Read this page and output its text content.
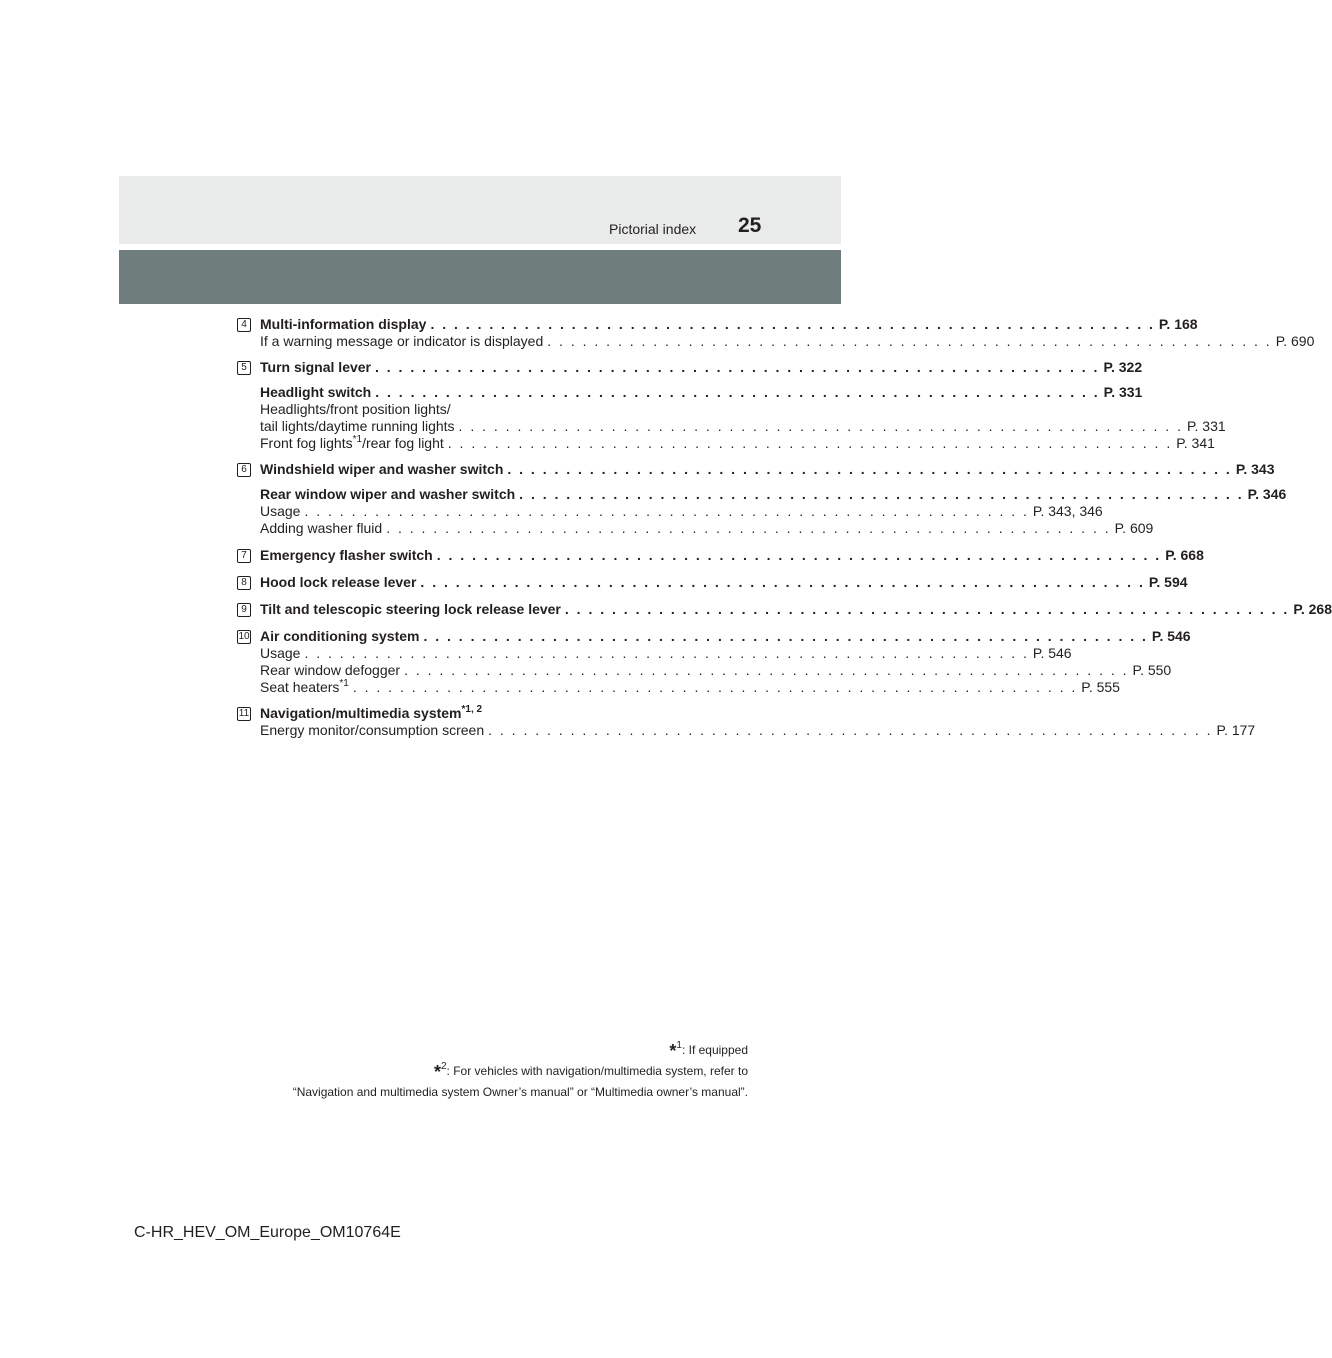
Pictorial index 25
4 Multi-information display . . . . . . . . . . . . . . . . . . . . . . . . . . . . . . . . . . . . . . . . . . . . . . . . . . . . . . . . . . . . . . P. 168
If a warning message or indicator is displayed . . . . . . . . . . . . . . . . . . . . . . . . . . . . . . . . . . . . . . . . . . . . . . . . . . . . . . . . . . . . . . P. 690
5 Turn signal lever . . . . . . . . . . . . . . . . . . . . . . . . . . . . . . . . . . . . . . . . . . . . . . . . . . . . . . . . . . . . . . P. 322
Headlight switch . . . . . . . . . . . . . . . . . . . . . . . . . . . . . . . . . . . . . . . . . . . . . . . . . . . . . . . . . . . . . . P. 331
Headlights/front position lights/
tail lights/daytime running lights . . . . . . . . . . . . . . . . . . . . . . . . . . . . . . . . . . . . . . . . . . . . . . . . . . . . . . . . . . . . . . P. 331
Front fog lights$^{*1}$/rear fog light . . . . . . . . . . . . . . . . . . . . . . . . . . . . . . . . . . . . . . . . . . . . . . . . . . . . . . . . . . . . . . P. 341
6 Windshield wiper and washer switch . . . . . . . . . . . . . . . . . . . . . . . . . . . . . . . . . . . . . . . . . . . . . . . . . . . . . . . . . . . . . . P. 343
Rear window wiper and washer switch . . . . . . . . . . . . . . . . . . . . . . . . . . . . . . . . . . . . . . . . . . . . . . . . . . . . . . . . . . . . . . P. 346
Usage . . . . . . . . . . . . . . . . . . . . . . . . . . . . . . . . . . . . . . . . . . . . . . . . . . . . . . . . . . . . . . P. 343, 346
Adding washer fluid . . . . . . . . . . . . . . . . . . . . . . . . . . . . . . . . . . . . . . . . . . . . . . . . . . . . . . . . . . . . . . P. 609
7 Emergency flasher switch . . . . . . . . . . . . . . . . . . . . . . . . . . . . . . . . . . . . . . . . . . . . . . . . . . . . . . . . . . . . . . P. 668
8 Hood lock release lever . . . . . . . . . . . . . . . . . . . . . . . . . . . . . . . . . . . . . . . . . . . . . . . . . . . . . . . . . . . . . . P. 594
9 Tilt and telescopic steering lock release lever . . . . . . . . . . . . . . . . . . . . . . . . . . . . . . . . . . . . . . . . . . . . . . . . . . . . . . . . . . . . . . P. 268
10 Air conditioning system . . . . . . . . . . . . . . . . . . . . . . . . . . . . . . . . . . . . . . . . . . . . . . . . . . . . . . . . . . . . . . P. 546
Usage . . . . . . . . . . . . . . . . . . . . . . . . . . . . . . . . . . . . . . . . . . . . . . . . . . . . . . . . . . . . . . P. 546
Rear window defogger . . . . . . . . . . . . . . . . . . . . . . . . . . . . . . . . . . . . . . . . . . . . . . . . . . . . . . . . . . . . . . P. 550
Seat heaters$^{*1}$ . . . . . . . . . . . . . . . . . . . . . . . . . . . . . . . . . . . . . . . . . . . . . . . . . . . . . . . . . . . . . . P. 555
11 Navigation/multimedia system$^{*1, 2}$
Energy monitor/consumption screen . . . . . . . . . . . . . . . . . . . . . . . . . . . . . . . . . . . . . . . . . . . . . . . . . . . . . . . . . . . . . . P. 177
*$^1$: If equipped
*$^2$: For vehicles with navigation/multimedia system, refer to
“Navigation and multimedia system Owner’s manual” or “Multimedia owner’s manual”.
C-HR_HEV_OM_Europe_OM10764E
